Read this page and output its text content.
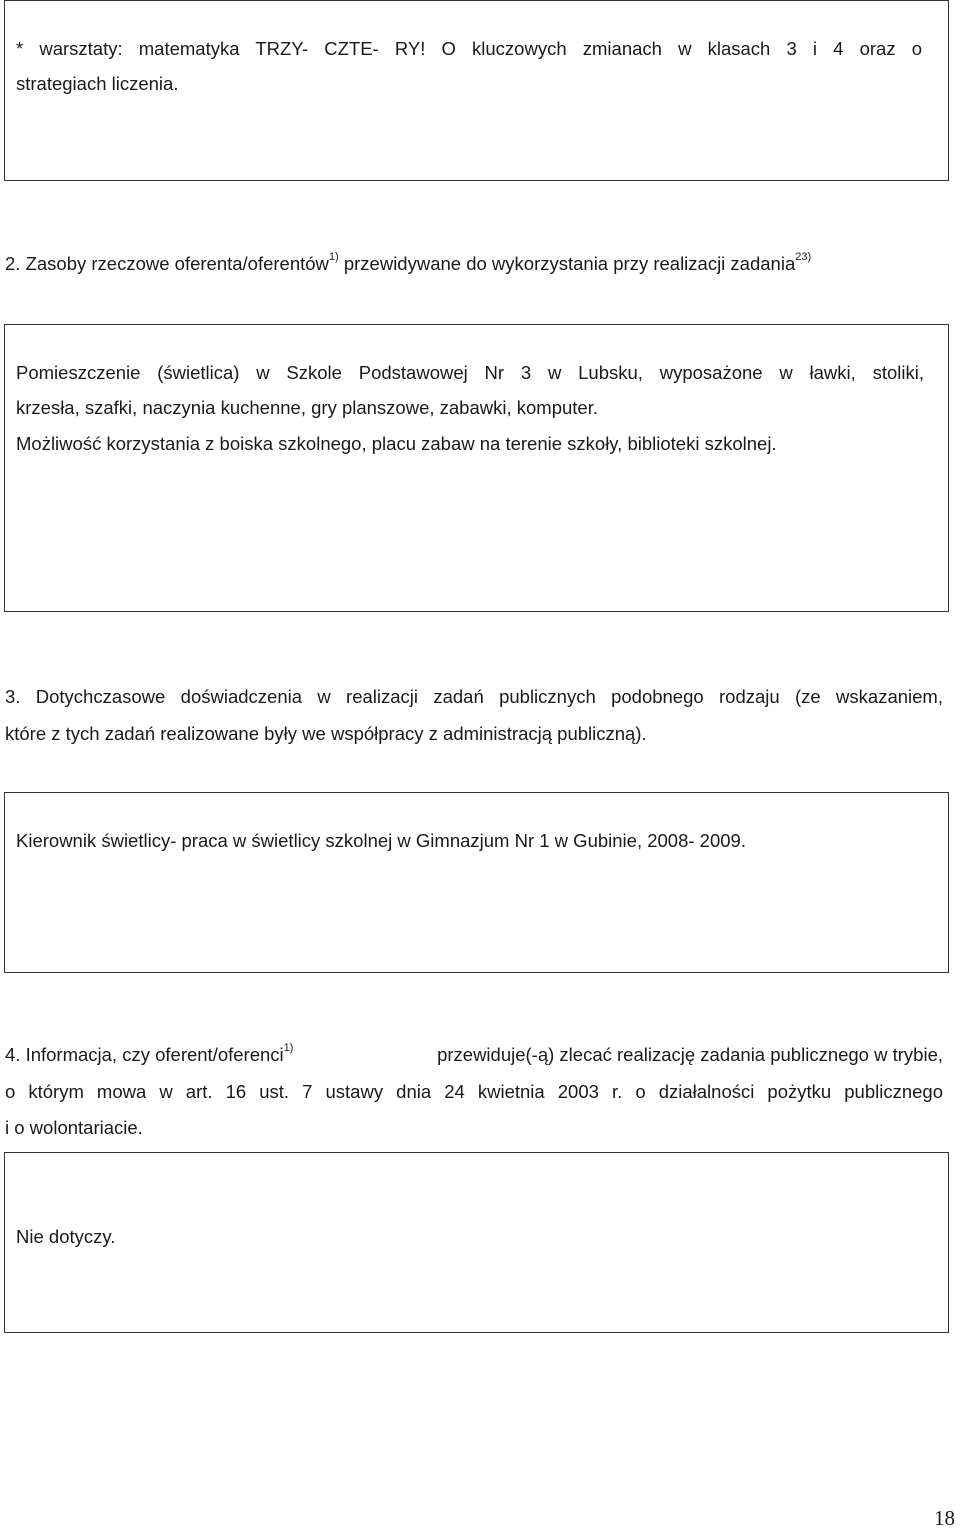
* warsztaty: matematyka TRZY- CZTE- RY! O kluczowych zmianach w klasach 3 i 4 oraz o
strategiach liczenia.
2. Zasoby rzeczowe oferenta/oferentów$^{1)}$ przewidywane do wykorzystania przy realizacji zadania$^{23)}$
Pomieszczenie (świetlica) w Szkole Podstawowej Nr 3 w Lubsku, wyposażone w ławki, stoliki,
krzesła, szafki, naczynia kuchenne, gry planszowe, zabawki, komputer.
Możliwość korzystania z boiska szkolnego, placu zabaw na terenie szkoły, biblioteki szkolnej.
3. Dotychczasowe doświadczenia w realizacji zadań publicznych podobnego rodzaju (ze wskazaniem,
które z tych zadań realizowane były we współpracy z administracją publiczną).
Kierownik świetlicy- praca w świetlicy szkolnej w Gimnazjum Nr 1 w Gubinie, 2008- 2009.
4. Informacja, czy oferent/oferenci$^{1)}$	przewiduje(-ą) zlecać realizację zadania publicznego w trybie,
o którym mowa w art. 16 ust. 7 ustawy dnia 24 kwietnia 2003 r. o działalności pożytku publicznego
i o wolontariacie.
Nie dotyczy.
18
